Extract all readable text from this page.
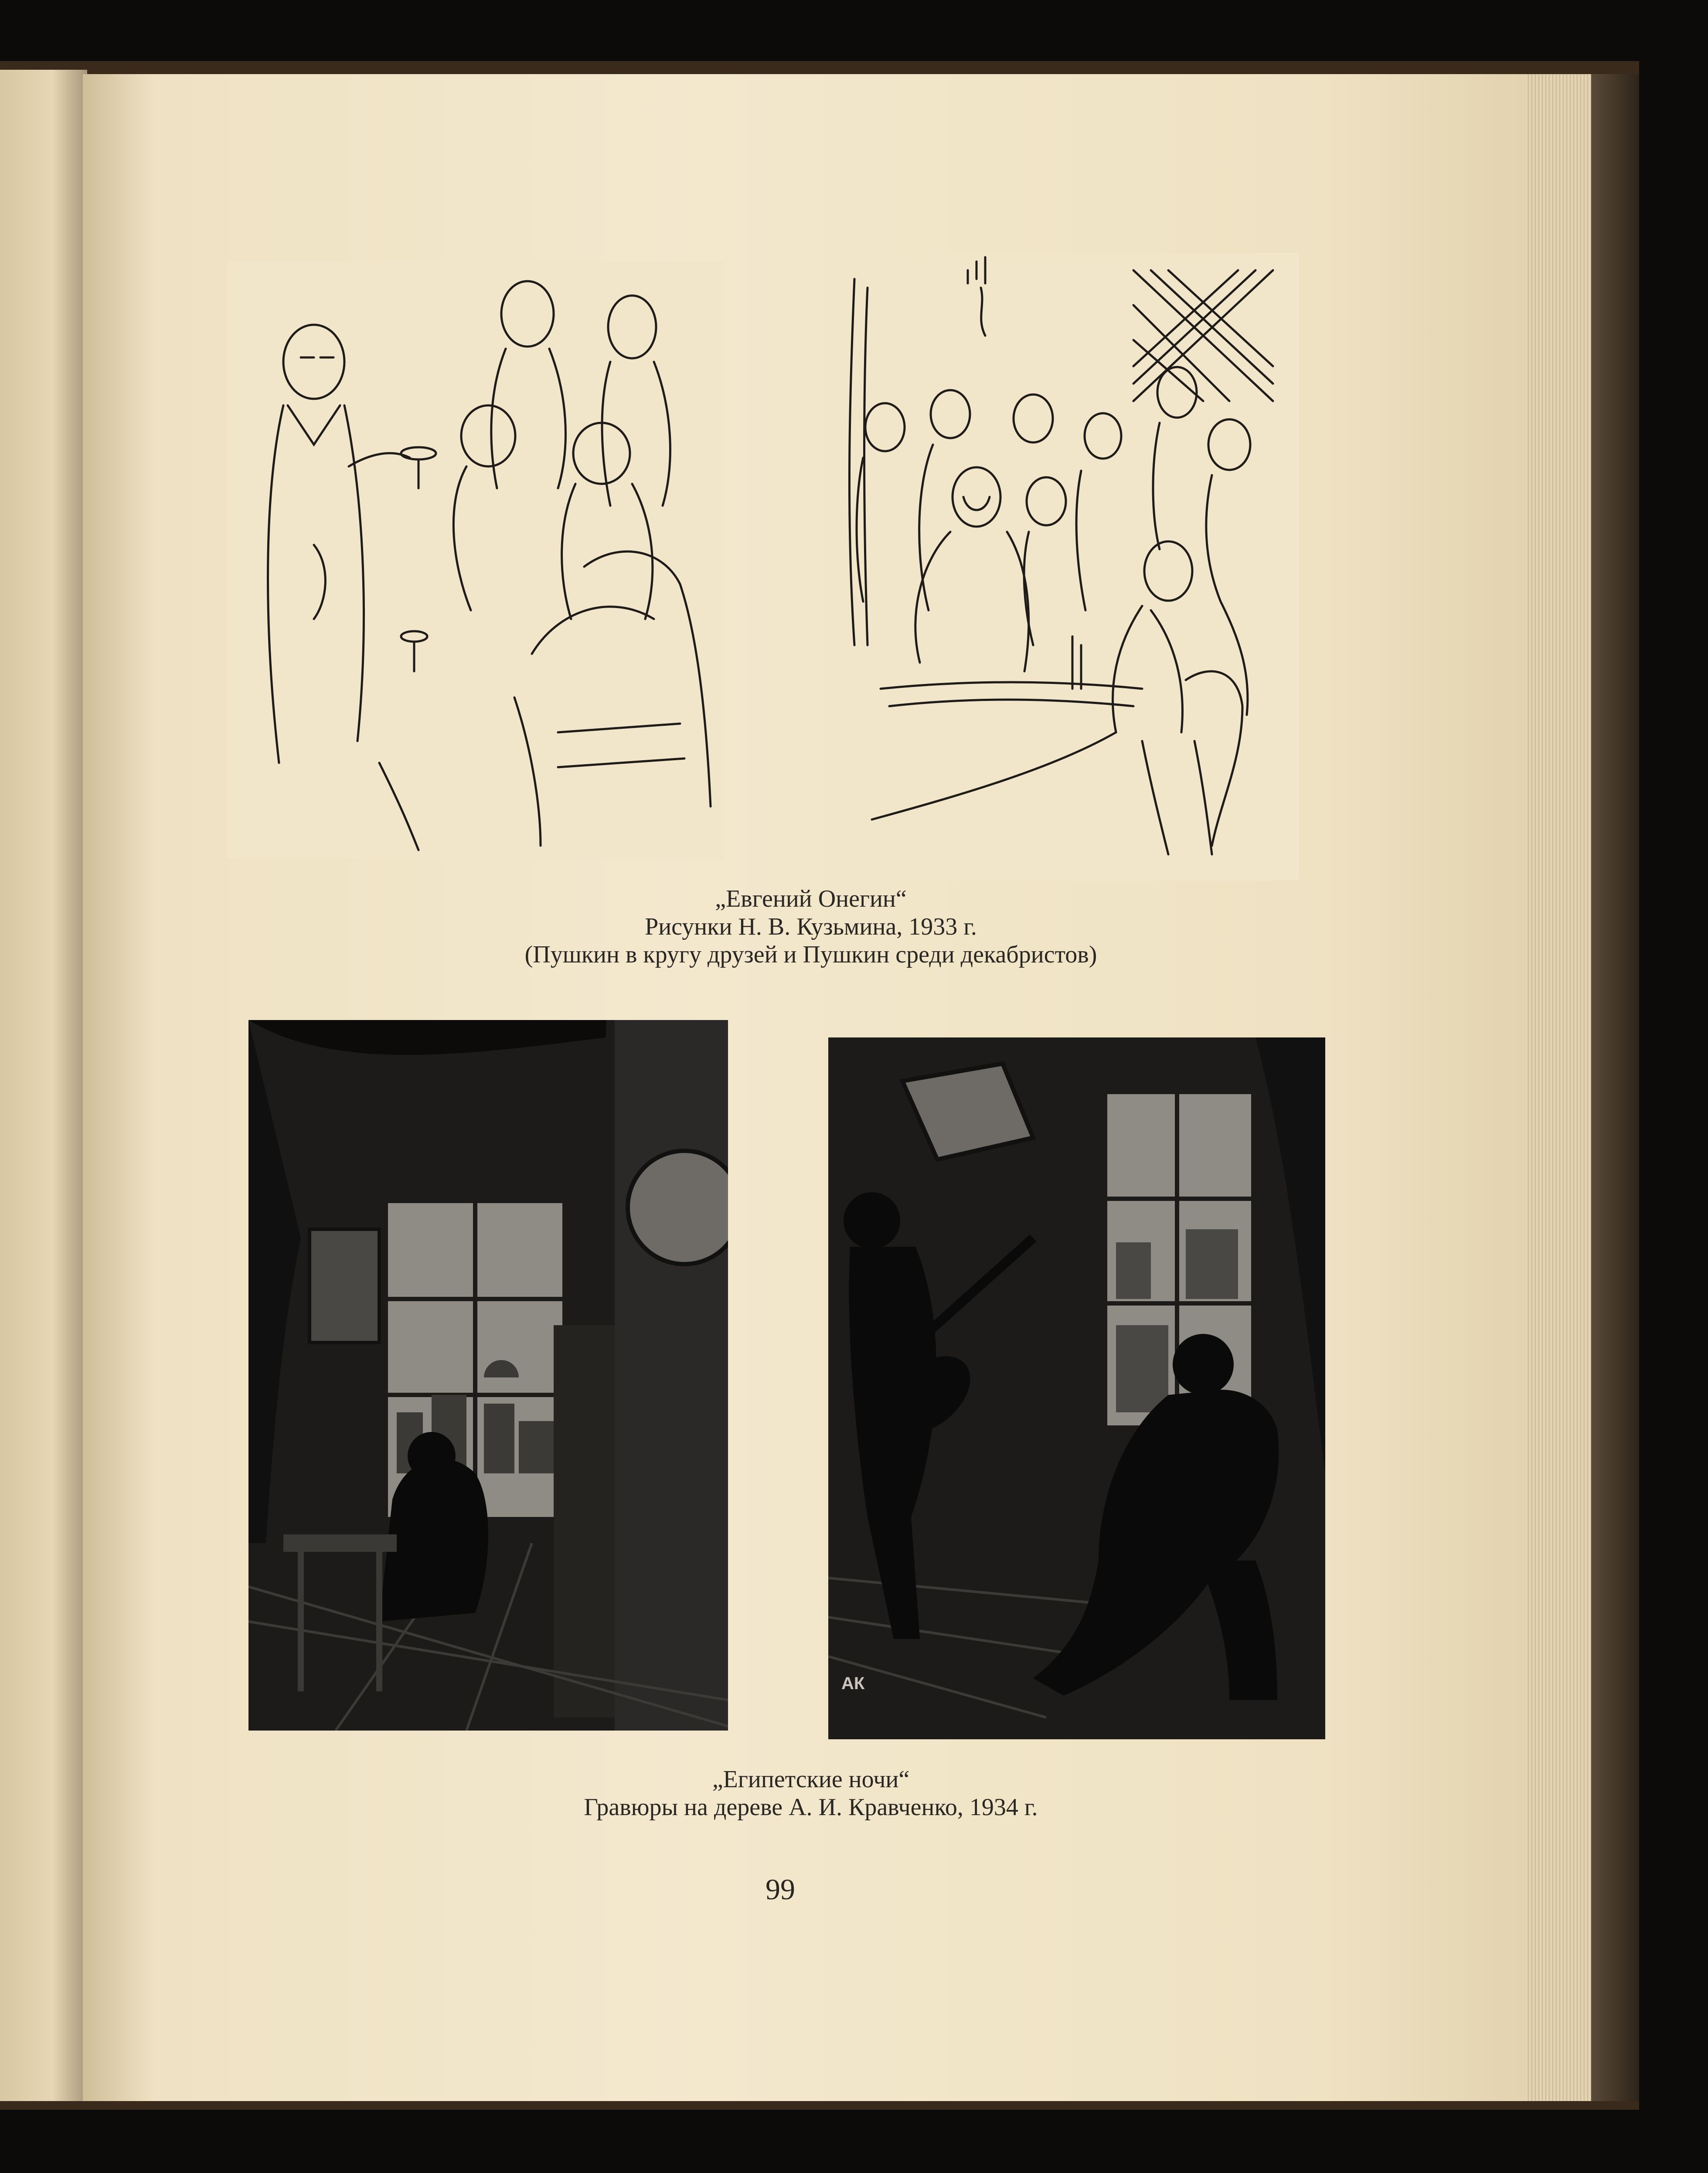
„Евгений Онегин“
Рисунки Н. В. Кузьмина, 1933 г.
(Пушкин в кругу друзей и Пушкин среди декабристов)
АК
„Египетские ночи“
Гравюры на дереве А. И. Кравченко, 1934 г.
99
